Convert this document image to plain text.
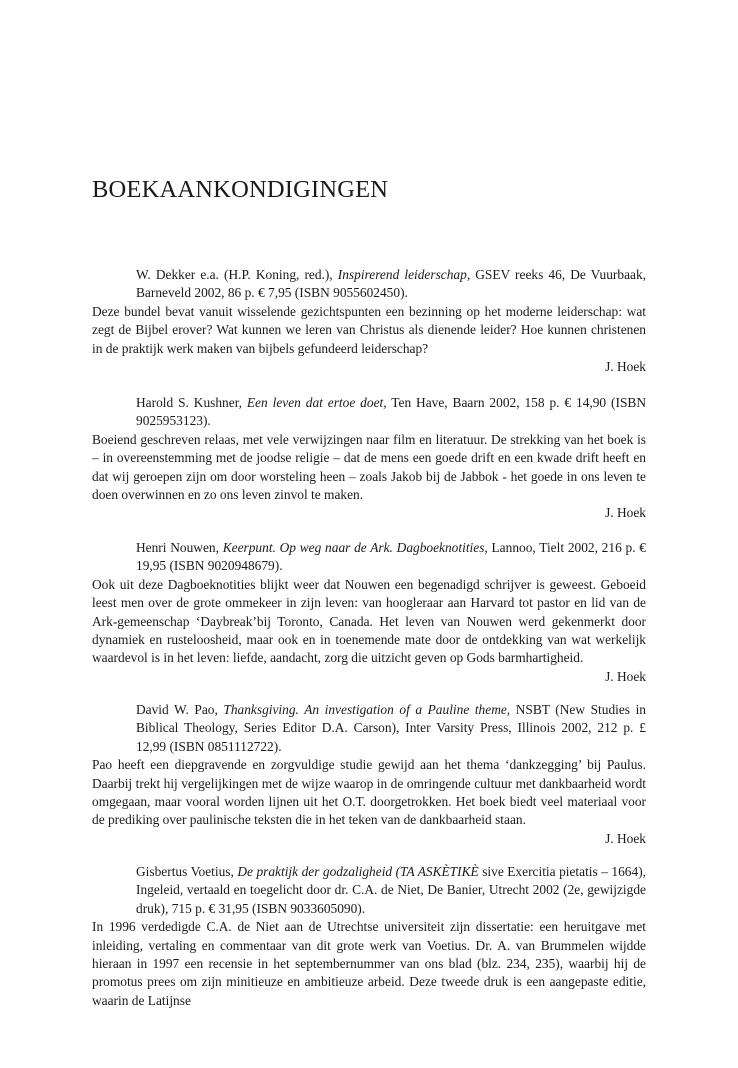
BOEKAANKONDIGINGEN

W. Dekker e.a. (H.P. Koning, red.), Inspirerend leiderschap, GSEV reeks 46, De Vuurbaak, Barneveld 2002, 86 p. € 7,95 (ISBN 9055602450).

Deze bundel bevat vanuit wisselende gezichtspunten een bezinning op het moderne leiderschap: wat zegt de Bijbel erover? Wat kunnen we leren van Christus als dienende leider? Hoe kunnen christenen in de praktijk werk maken van bijbels gefundeerd leiderschap?

J. Hoek

Harold S. Kushner, Een leven dat ertoe doet, Ten Have, Baarn 2002, 158 p. € 14,90 (ISBN 9025953123).

Boeiend geschreven relaas, met vele verwijzingen naar film en literatuur. De strekking van het boek is – in overeenstemming met de joodse religie – dat de mens een goede drift en een kwade drift heeft en dat wij geroepen zijn om door worsteling heen – zoals Jakob bij de Jabbok - het goede in ons leven te doen overwinnen en zo ons leven zinvol te maken.

J. Hoek

Henri Nouwen, Keerpunt. Op weg naar de Ark. Dagboeknotities, Lannoo, Tielt 2002, 216 p. € 19,95 (ISBN 9020948679).

Ook uit deze Dagboeknotities blijkt weer dat Nouwen een begenadigd schrijver is geweest. Geboeid leest men over de grote ommekeer in zijn leven: van hoogleraar aan Harvard tot pastor en lid van de Ark-gemeenschap ‘Daybreak’bij Toronto, Canada. Het leven van Nouwen werd gekenmerkt door dynamiek en rusteloosheid, maar ook en in toenemende mate door de ontdekking van wat werkelijk waardevol is in het leven: liefde, aandacht, zorg die uitzicht geven op Gods barmhartigheid.

J. Hoek

David W. Pao, Thanksgiving. An investigation of a Pauline theme, NSBT (New Studies in Biblical Theology, Series Editor D.A. Carson), Inter Varsity Press, Illinois 2002, 212 p. £ 12,99 (ISBN 0851112722).

Pao heeft een diepgravende en zorgvuldige studie gewijd aan het thema ‘dankzegging’ bij Paulus. Daarbij trekt hij vergelijkingen met de wijze waarop in de omringende cultuur met dankbaarheid wordt omgegaan, maar vooral worden lijnen uit het O.T. doorgetrokken. Het boek biedt veel materiaal voor de prediking over paulinische teksten die in het teken van de dankbaarheid staan.

J. Hoek

Gisbertus Voetius, De praktijk der godzaligheid (TA ASKÈTIKÈ sive Exercitia pietatis – 1664), Ingeleid, vertaald en toegelicht door dr. C.A. de Niet, De Banier, Utrecht 2002 (2e, gewijzigde druk), 715 p. € 31,95 (ISBN 9033605090).

In 1996 verdedigde C.A. de Niet aan de Utrechtse universiteit zijn dissertatie: een heruitgave met inleiding, vertaling en commentaar van dit grote werk van Voetius. Dr. A. van Brummelen wijdde hieraan in 1997 een recensie in het septembernummer van ons blad (blz. 234, 235), waarbij hij de promotus prees om zijn minitieuze en ambitieuze arbeid. Deze tweede druk is een aangepaste editie, waarin de Latijnse
